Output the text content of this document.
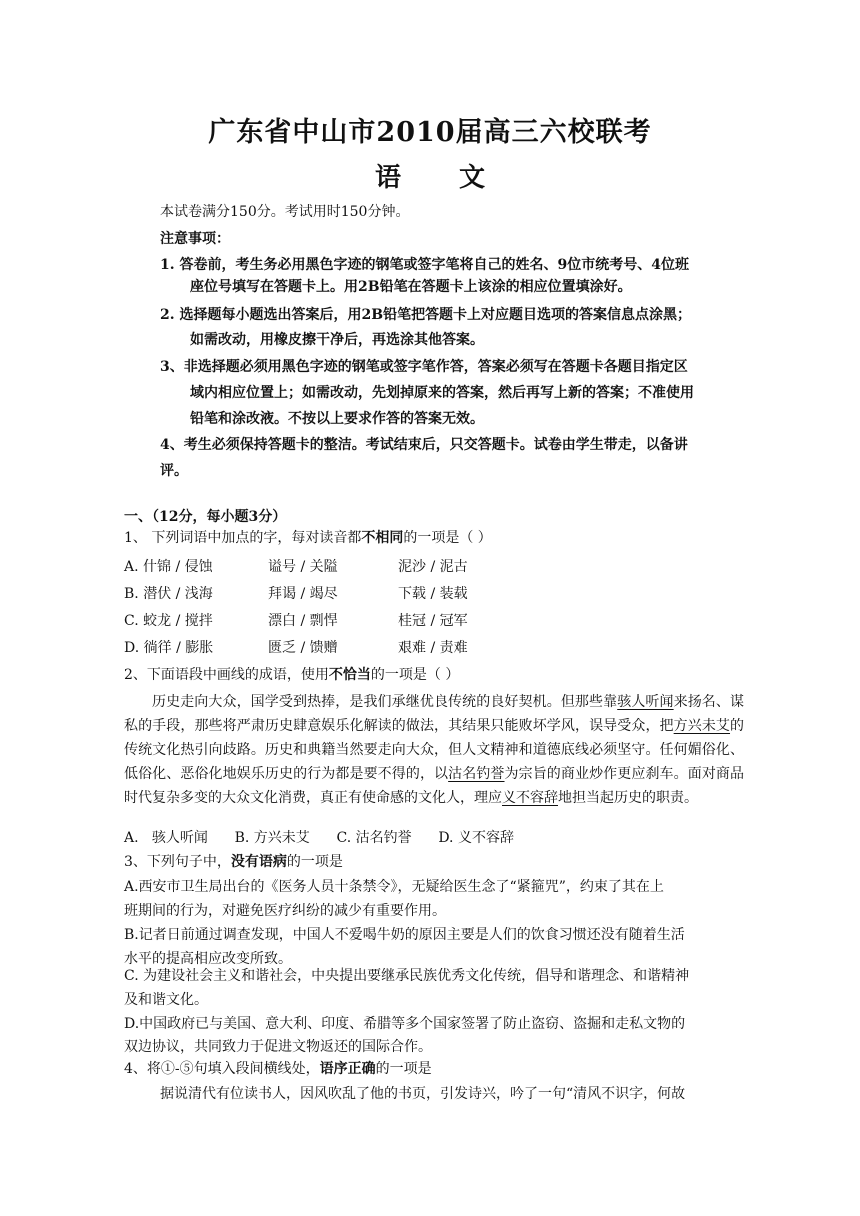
广东省中山市2010届高三六校联考
语 文
本试卷满分150分。考试用时150分钟。
注意事项：
1. 答卷前，考生务必用黑色字迹的钢笔或签字笔将自己的姓名、9位市统考号、4位班
座位号填写在答题卡上。用2B铅笔在答题卡上该涂的相应位置填涂好。
2. 选择题每小题选出答案后，用2B铅笔把答题卡上对应题目选项的答案信息点涂黑；
如需改动，用橡皮擦干净后，再选涂其他答案。
3、非选择题必须用黑色字迹的钢笔或签字笔作答，答案必须写在答题卡各题目指定区
域内相应位置上；如需改动，先划掉原来的答案，然后再写上新的答案；不准使用
铅笔和涂改液。不按以上要求作答的答案无效。
4、考生必须保持答题卡的整洁。考试结束后，只交答题卡。试卷由学生带走，以备讲
评。
一、（12分，每小题3分）
1、 下列词语中加点的字，每对读音都不相同的一项是（ ）
A. 什锦 / 侵蚀	谥号 / 关隘	泥沙 / 泥古
B. 潜伏 / 浅海	拜谒 / 竭尽	下载 / 装载
C. 蛟龙 / 搅拌	漂白 / 剽悍	桂冠 / 冠军
D. 徜徉 / 膨胀	匮乏 / 馈赠	艰难 / 责难
2、下面语段中画线的成语，使用不恰当的一项是（ ）
历史走向大众，国学受到热捧，是我们承继优良传统的良好契机。但那些靠骇人听闻来扬名、谋私的手段，那些将严肃历史肆意娱乐化解读的做法，其结果只能败坏学风，误导受众，把方兴未艾的传统文化热引向歧路。历史和典籍当然要走向大众，但人文精神和道德底线必须坚守。任何媚俗化、低俗化、恶俗化地娱乐历史的行为都是要不得的，以沽名钓誉为宗旨的商业炒作更应刹车。面对商品时代复杂多变的大众文化消费，真正有使命感的文化人，理应义不容辞地担当起历史的职责。
A.   骇人听闻      B. 方兴未艾      C. 沽名钓誉      D. 义不容辞
3、下列句子中，没有语病的一项是
A.西安市卫生局出台的《医务人员十条禁令》，无疑给医生念了“紧箍咒”，约束了其在上
班期间的行为，对避免医疗纠纷的减少有重要作用。
B.记者日前通过调查发现，中国人不爱喝牛奶的原因主要是人们的饮食习惯还没有随着生活
水平的提高相应改变所致。
C. 为建设社会主义和谐社会，中央提出要继承民族优秀文化传统，倡导和谐理念、和谐精神
及和谐文化。
D.中国政府已与美国、意大利、印度、希腊等多个国家签署了防止盗窃、盗掘和走私文物的
双边协议，共同致力于促进文物返还的国际合作。
4、将①-⑤句填入段间横线处，语序正确的一项是
据说清代有位读书人，因风吹乱了他的书页，引发诗兴，吟了一句“清风不识字，何故
